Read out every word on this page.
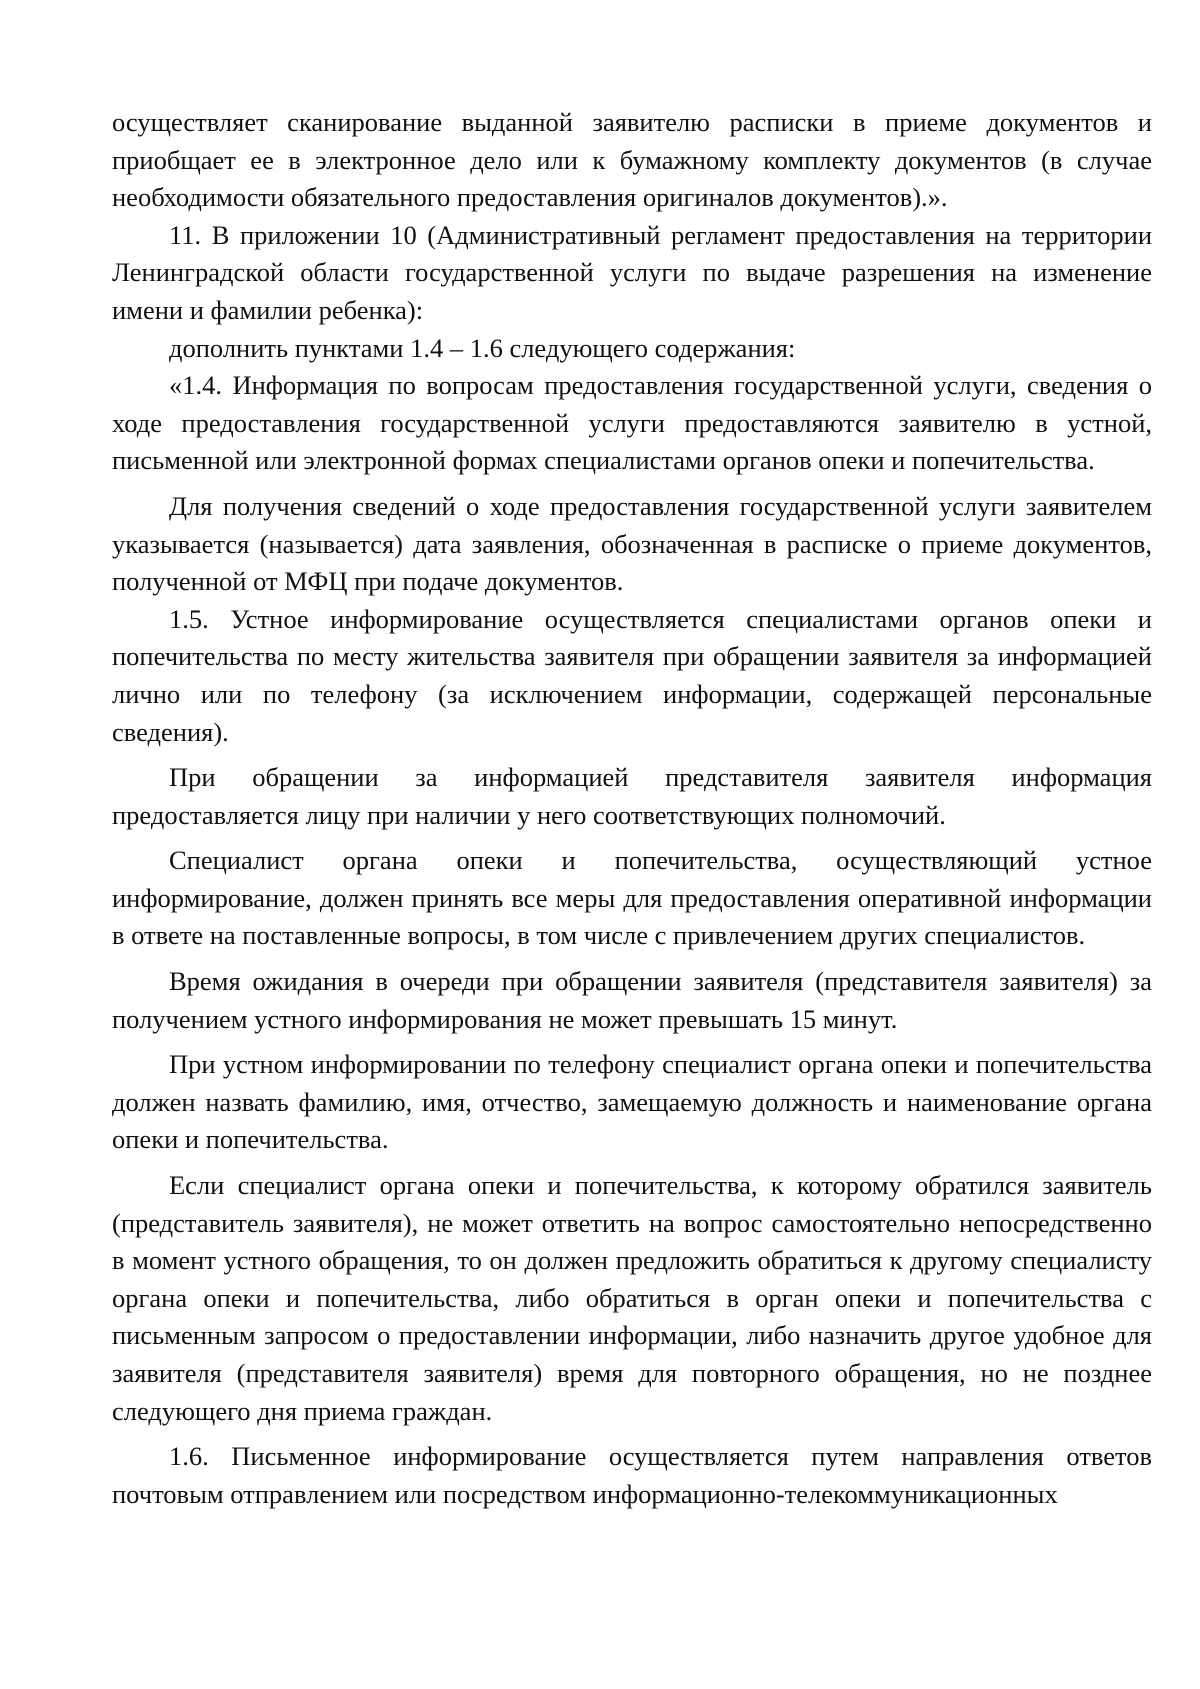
осуществляет сканирование выданной заявителю расписки в приеме документов и приобщает ее в электронное дело или к бумажному комплекту документов (в случае необходимости обязательного предоставления оригиналов документов).».

11. В приложении 10 (Административный регламент предоставления на территории Ленинградской области государственной услуги по выдаче разрешения на изменение имени и фамилии ребенка):

дополнить пунктами 1.4 – 1.6 следующего содержания:

«1.4. Информация по вопросам предоставления государственной услуги, сведения о ходе предоставления государственной услуги предоставляются заявителю в устной, письменной или электронной формах специалистами органов опеки и попечительства.

Для получения сведений о ходе предоставления государственной услуги заявителем указывается (называется) дата заявления, обозначенная в расписке о приеме документов, полученной от МФЦ при подаче документов.

1.5. Устное информирование осуществляется специалистами органов опеки и попечительства по месту жительства заявителя при обращении заявителя за информацией лично или по телефону (за исключением информации, содержащей персональные сведения).

При обращении за информацией представителя заявителя информация предоставляется лицу при наличии у него соответствующих полномочий.

Специалист органа опеки и попечительства, осуществляющий устное информирование, должен принять все меры для предоставления оперативной информации в ответе на поставленные вопросы, в том числе с привлечением других специалистов.

Время ожидания в очереди при обращении заявителя (представителя заявителя) за получением устного информирования не может превышать 15 минут.

При устном информировании по телефону специалист органа опеки и попечительства должен назвать фамилию, имя, отчество, замещаемую должность и наименование органа опеки и попечительства.

Если специалист органа опеки и попечительства, к которому обратился заявитель (представитель заявителя), не может ответить на вопрос самостоятельно непосредственно в момент устного обращения, то он должен предложить обратиться к другому специалисту органа опеки и попечительства, либо обратиться в орган опеки и попечительства с письменным запросом о предоставлении информации, либо назначить другое удобное для заявителя (представителя заявителя) время для повторного обращения, но не позднее следующего дня приема граждан.

1.6. Письменное информирование осуществляется путем направления ответов почтовым отправлением или посредством информационно-телекоммуникационных
